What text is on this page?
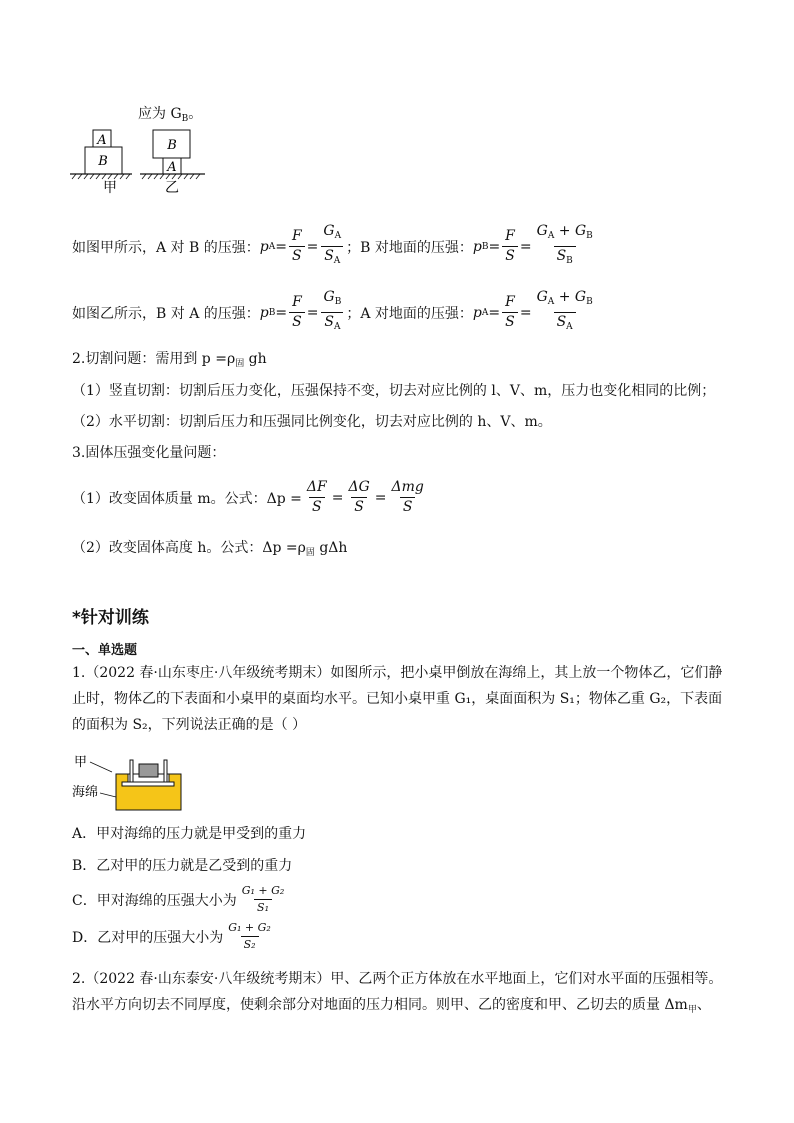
应为 $G_B$。
A
B
甲
B
A
乙
如图甲所示，A 对 B 的压强： p $A = \frac{F}{S} = \frac{G_A}{S_A}$ ；B 对地面的压强： p $B = \frac{F}{S} = \frac{G_A + G_B}{S_B}$
如图乙所示，B 对 A 的压强： p $B = \frac{F}{S} = \frac{G_B}{S_A}$ ；A 对地面的压强： p $A = \frac{F}{S} = \frac{G_A + G_B}{S_A}$
2.切割问题：需用到 $p =\rho_固$ gh
（1）竖直切割：切割后压力变化，压强保持不变，切去对应比例的 l、V、m，压力也变化相同的比例；
（2）水平切割：切割后压力和压强同比例变化，切去对应比例的 h、V、m。
3.固体压强变化量问题：
（1）改变固体质量 m。公式：$\Delta p = \frac{\Delta F}{S} = \frac{\Delta G}{S} = \frac{\text{Δmg}}{S}$
（2）改变固体高度 h。公式：$\Delta p =\rho_固$ gΔh
*针对训练
一、单选题
1.（2022 春·山东枣庄·八年级统考期末）如图所示，把小桌甲倒放在海绵上，其上放一个物体乙，它们静止时，物体乙的下表面和小桌甲的桌面均水平。已知小桌甲重 G₁，桌面面积为 S₁；物体乙重 G₂，下表面的面积为 S₂，下列说法正确的是（ ）
甲
海绵
A．甲对海绵的压力就是甲受到的重力
B．乙对甲的压力就是乙受到的重力
C．甲对海绵的压强大小为 $\frac{\text{G₁ + G₂}}{\text{S₁}}$
D．乙对甲的压强大小为 $\frac{\text{G₁ + G₂}}{\text{S₂}}$
2.（2022 春·山东泰安·八年级统考期末）甲、乙两个正方体放在水平地面上，它们对水平面的压强相等。沿水平方向切去不同厚度，使剩余部分对地面的压力相同。则甲、乙的密度和甲、乙切去的质量 $\Delta m_甲$、
